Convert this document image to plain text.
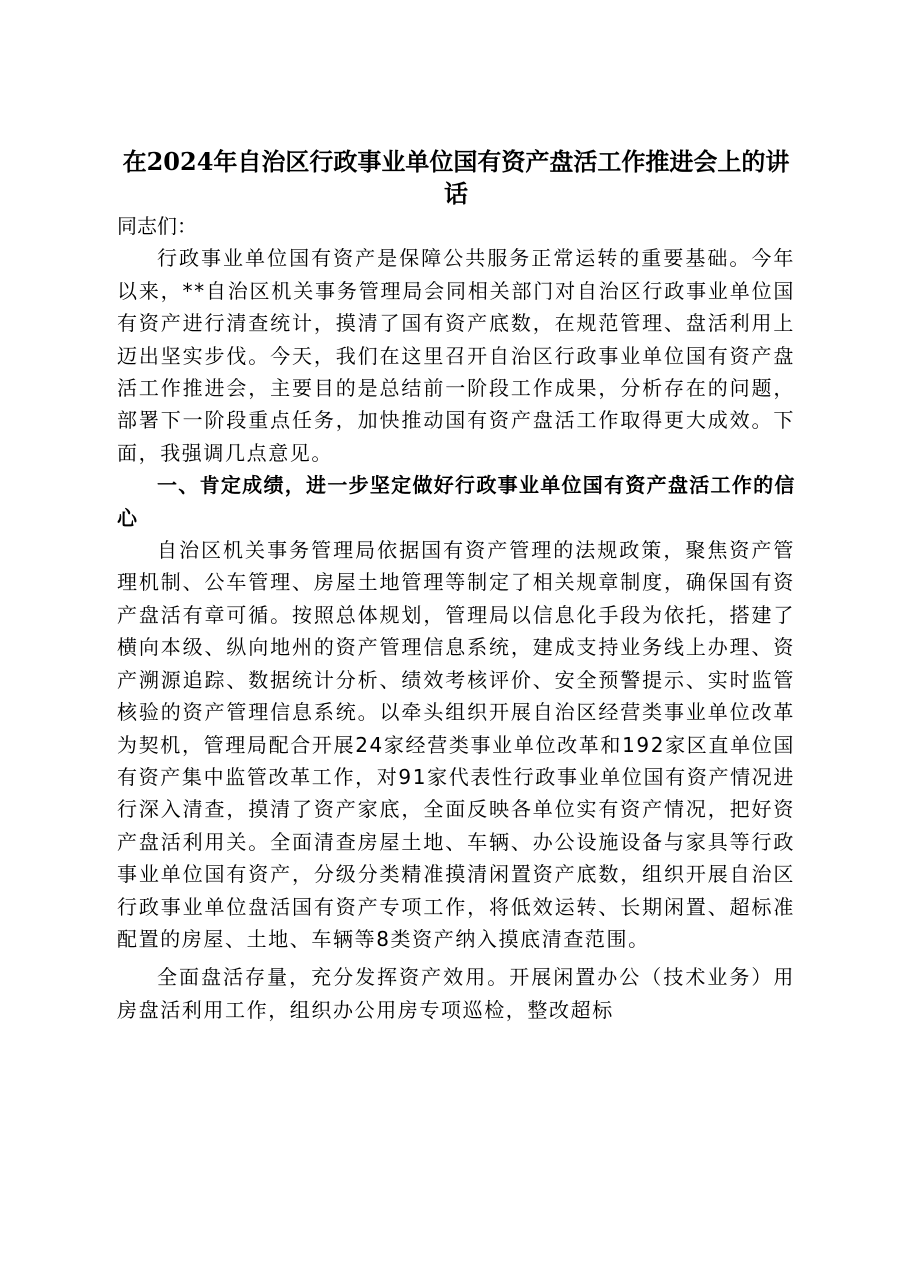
在2024年自治区行政事业单位国有资产盘活工作推进会上的讲话

同志们：

行政事业单位国有资产是保障公共服务正常运转的重要基础。今年以来，**自治区机关事务管理局会同相关部门对自治区行政事业单位国有资产进行清查统计，摸清了国有资产底数，在规范管理、盘活利用上迈出坚实步伐。今天，我们在这里召开自治区行政事业单位国有资产盘活工作推进会，主要目的是总结前一阶段工作成果，分析存在的问题，部署下一阶段重点任务，加快推动国有资产盘活工作取得更大成效。下面，我强调几点意见。

一、肯定成绩，进一步坚定做好行政事业单位国有资产盘活工作的信心

自治区机关事务管理局依据国有资产管理的法规政策，聚焦资产管理机制、公车管理、房屋土地管理等制定了相关规章制度，确保国有资产盘活有章可循。按照总体规划，管理局以信息化手段为依托，搭建了横向本级、纵向地州的资产管理信息系统，建成支持业务线上办理、资产溯源追踪、数据统计分析、绩效考核评价、安全预警提示、实时监管核验的资产管理信息系统。以牵头组织开展自治区经营类事业单位改革为契机，管理局配合开展24家经营类事业单位改革和192家区直单位国有资产集中监管改革工作，对91家代表性行政事业单位国有资产情况进行深入清查，摸清了资产家底，全面反映各单位实有资产情况，把好资产盘活利用关。全面清查房屋土地、车辆、办公设施设备与家具等行政事业单位国有资产，分级分类精准摸清闲置资产底数，组织开展自治区行政事业单位盘活国有资产专项工作，将低效运转、长期闲置、超标准配置的房屋、土地、车辆等8类资产纳入摸底清查范围。

全面盘活存量，充分发挥资产效用。开展闲置办公（技术业务）用房盘活利用工作，组织办公用房专项巡检，整改超标
